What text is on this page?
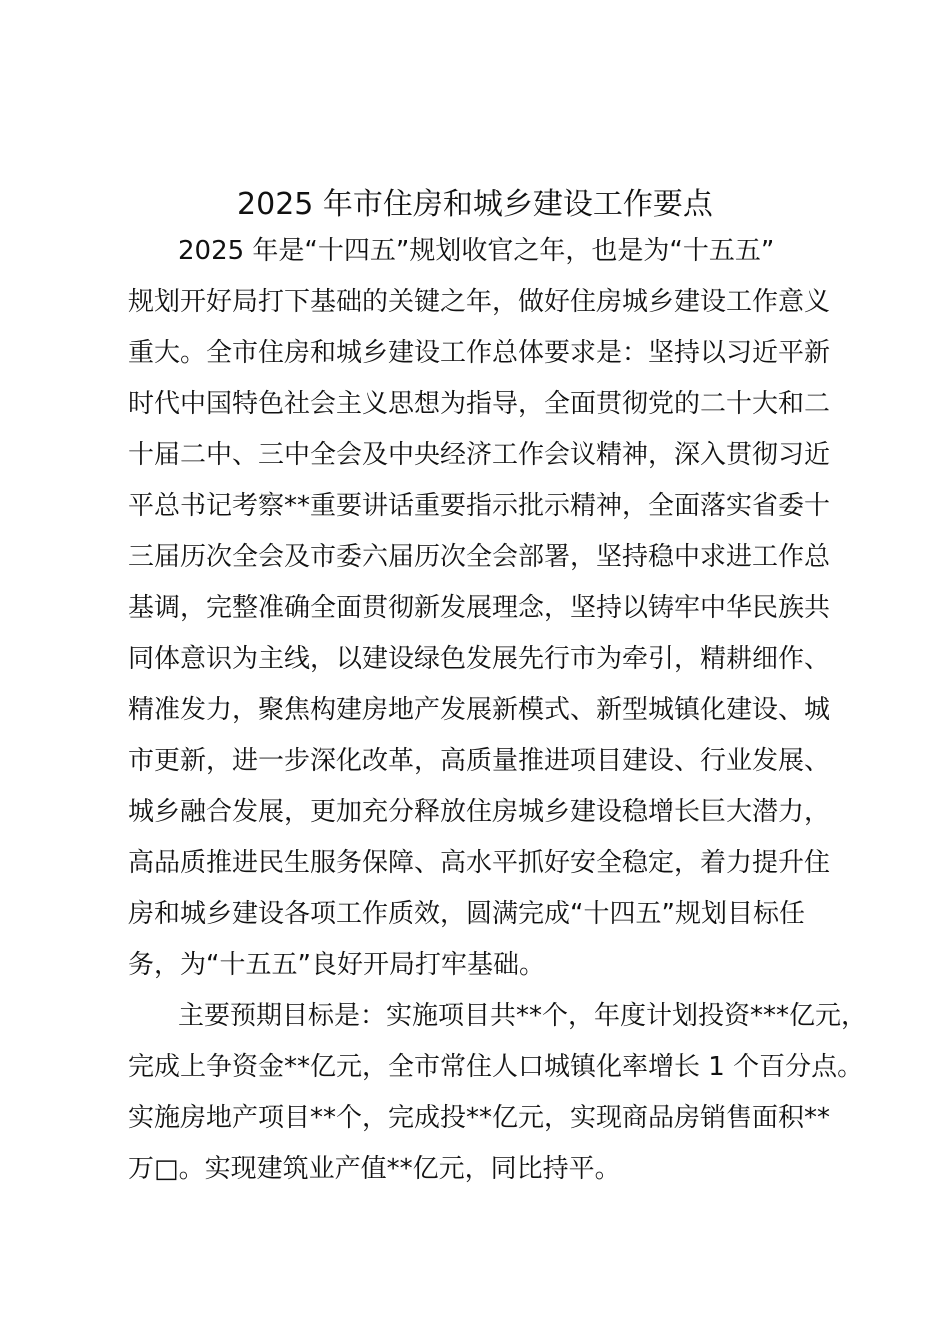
2025 年市住房和城乡建设工作要点
2025 年是“十四五”规划收官之年，也是为“十五五”
规划开好局打下基础的关键之年，做好住房城乡建设工作意义
重大。全市住房和城乡建设工作总体要求是：坚持以习近平新
时代中国特色社会主义思想为指导，全面贯彻党的二十大和二
十届二中、三中全会及中央经济工作会议精神，深入贯彻习近
平总书记考察**重要讲话重要指示批示精神，全面落实省委十
三届历次全会及市委六届历次全会部署，坚持稳中求进工作总
基调，完整准确全面贯彻新发展理念，坚持以铸牢中华民族共
同体意识为主线，以建设绿色发展先行市为牵引，精耕细作、
精准发力，聚焦构建房地产发展新模式、新型城镇化建设、城
市更新，进一步深化改革，高质量推进项目建设、行业发展、
城乡融合发展，更加充分释放住房城乡建设稳增长巨大潜力，
高品质推进民生服务保障、高水平抓好安全稳定，着力提升住
房和城乡建设各项工作质效，圆满完成“十四五”规划目标任
务，为“十五五”良好开局打牢基础。
主要预期目标是：实施项目共**个，年度计划投资***亿元，
完成上争资金**亿元，全市常住人口城镇化率增长 1 个百分点。
实施房地产项目**个，完成投**亿元，实现商品房销售面积**
万□。实现建筑业产值**亿元，同比持平。
